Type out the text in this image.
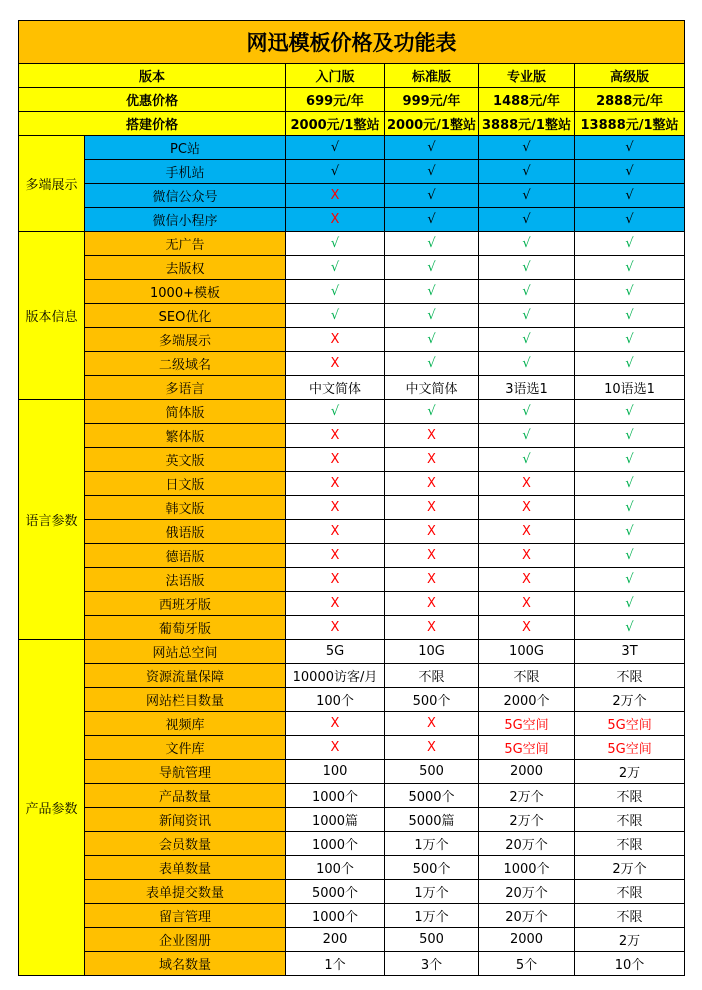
网迅模板价格及功能表					
版本		入门版	标准版	专业版	高级版
优惠价格		699元/年	999元/年	1488元/年	2888元/年
搭建价格		2000元/1整站	2000元/1整站	3888元/1整站	13888元/1整站
多端展示	PC站	√	√	√	√
	手机站	√	√	√	√
	微信公众号	X	√	√	√
	微信小程序	X	√	√	√
版本信息	无广告	√	√	√	√
	去版权	√	√	√	√
	1000+模板	√	√	√	√
	SEO优化	√	√	√	√
	多端展示	X	√	√	√
	二级域名	X	√	√	√
	多语言	中文简体	中文简体	3语选1	10语选1
语言参数	简体版	√	√	√	√
	繁体版	X	X	√	√
	英文版	X	X	√	√
	日文版	X	X	X	√
	韩文版	X	X	X	√
	俄语版	X	X	X	√
	德语版	X	X	X	√
	法语版	X	X	X	√
	西班牙版	X	X	X	√
	葡萄牙版	X	X	X	√
产品参数	网站总空间	5G	10G	100G	3T
	资源流量保障	10000访客/月	不限	不限	不限
	网站栏目数量	100个	500个	2000个	2万个
	视频库	X	X	5G空间	5G空间
	文件库	X	X	5G空间	5G空间
	导航管理	100	500	2000	2万
	产品数量	1000个	5000个	2万个	不限
	新闻资讯	1000篇	5000篇	2万个	不限
	会员数量	1000个	1万个	20万个	不限
	表单数量	100个	500个	1000个	2万个
	表单提交数量	5000个	1万个	20万个	不限
	留言管理	1000个	1万个	20万个	不限
	企业图册	200	500	2000	2万
	域名数量	1个	3个	5个	10个
